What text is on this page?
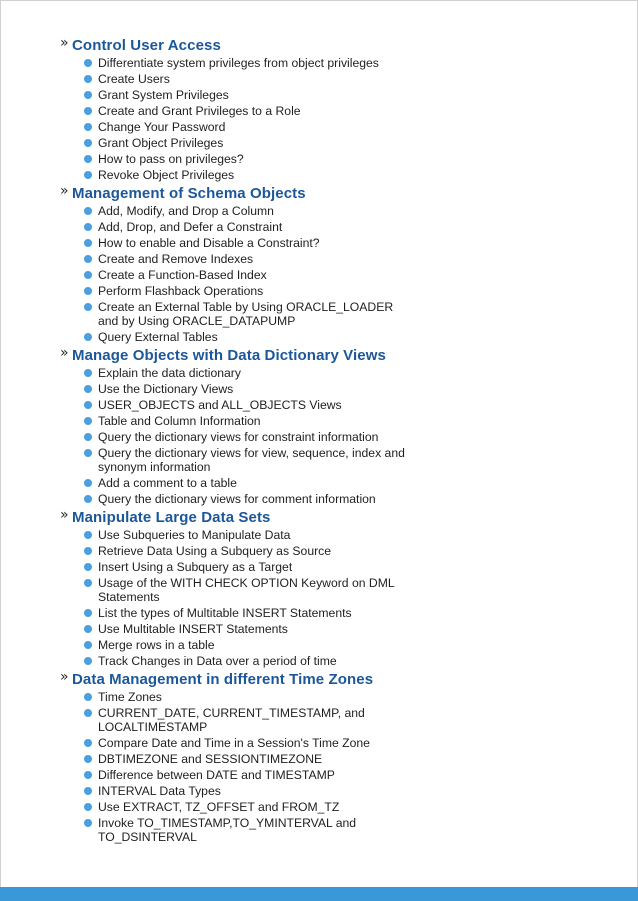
» Control User Access
Differentiate system privileges from object privileges
Create Users
Grant System Privileges
Create and Grant Privileges to a Role
Change Your Password
Grant Object Privileges
How to pass on privileges?
Revoke Object Privileges
» Management of Schema Objects
Add, Modify, and Drop a Column
Add, Drop, and Defer a Constraint
How to enable and Disable a Constraint?
Create and Remove Indexes
Create a Function-Based Index
Perform Flashback Operations
Create an External Table by Using ORACLE_LOADER
and by Using ORACLE_DATAPUMP
Query External Tables
» Manage Objects with Data Dictionary Views
Explain the data dictionary
Use the Dictionary Views
USER_OBJECTS and ALL_OBJECTS Views
Table and Column Information
Query the dictionary views for constraint information
Query the dictionary views for view, sequence, index and
synonym information
Add a comment to a table
Query the dictionary views for comment information
» Manipulate Large Data Sets
Use Subqueries to Manipulate Data
Retrieve Data Using a Subquery as Source
Insert Using a Subquery as a Target
Usage of the WITH CHECK OPTION Keyword on DML
Statements
List the types of Multitable INSERT Statements
Use Multitable INSERT Statements
Merge rows in a table
Track Changes in Data over a period of time
» Data Management in different Time Zones
Time Zones
CURRENT_DATE, CURRENT_TIMESTAMP, and
LOCALTIMESTAMP
Compare Date and Time in a Session's Time Zone
DBTIMEZONE and SESSIONTIMEZONE
Difference between DATE and TIMESTAMP
INTERVAL Data Types
Use EXTRACT, TZ_OFFSET and FROM_TZ
Invoke TO_TIMESTAMP,TO_YMINTERVAL and
TO_DSINTERVAL
